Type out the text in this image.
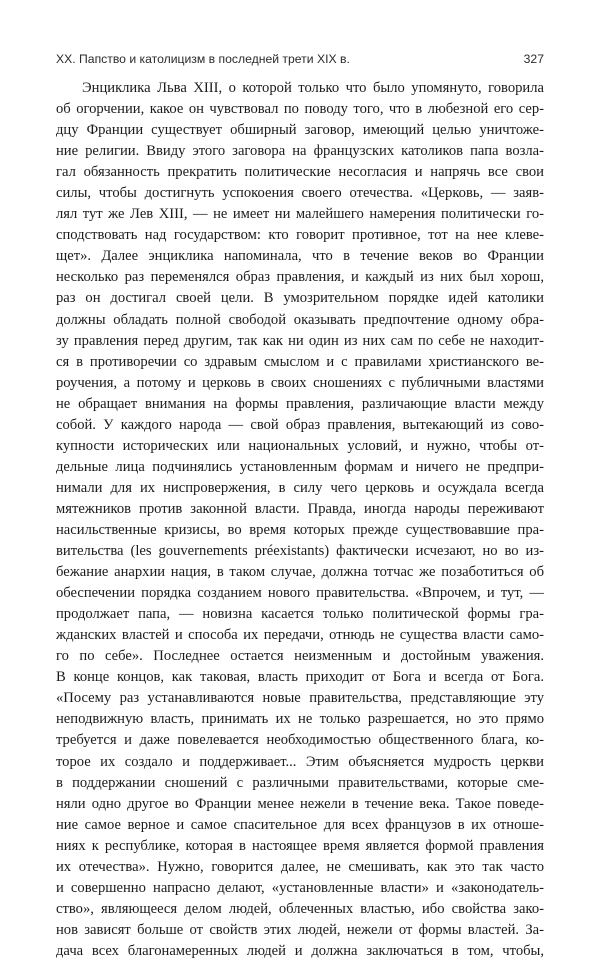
XX. Папство и католицизм в последней трети XIX в.	327
Энциклика Льва XIII, о которой только что было упомянуто, говорила
об огорчении, какое он чувствовал по поводу того, что в любезной его сер-
дцу Франции существует обширный заговор, имеющий целью уничтоже-
ние религии. Ввиду этого заговора на французских католиков папа возла-
гал обязанность прекратить политические несогласия и напрячь все свои
силы, чтобы достигнуть успокоения своего отечества. «Церковь, — заяв-
лял тут же Лев XIII, — не имеет ни малейшего намерения политически го-
сподствовать над государством: кто говорит противное, тот на нее клеве-
щет». Далее энциклика напоминала, что в течение веков во Франции
несколько раз переменялся образ правления, и каждый из них был хорош,
раз он достигал своей цели. В умозрительном порядке идей католики
должны обладать полной свободой оказывать предпочтение одному обра-
зу правления перед другим, так как ни один из них сам по себе не находит-
ся в противоречии со здравым смыслом и с правилами христианского ве-
роучения, а потому и церковь в своих сношениях с публичными властями
не обращает внимания на формы правления, различающие власти между
собой. У каждого народа — свой образ правления, вытекающий из сово-
купности исторических или национальных условий, и нужно, чтобы от-
дельные лица подчинялись установленным формам и ничего не предпри-
нимали для их ниспровержения, в силу чего церковь и осуждала всегда
мятежников против законной власти. Правда, иногда народы переживают
насильственные кризисы, во время которых прежде существовавшие пра-
вительства (les gouvernements préexistants) фактически исчезают, но во из-
бежание анархии нация, в таком случае, должна тотчас же позаботиться об
обеспечении порядка созданием нового правительства. «Впрочем, и тут, —
продолжает папа, — новизна касается только политической формы гра-
жданских властей и способа их передачи, отнюдь не существа власти само-
го по себе». Последнее остается неизменным и достойным уважения.
В конце концов, как таковая, власть приходит от Бога и всегда от Бога.
«Посему раз устанавливаются новые правительства, представляющие эту
неподвижную власть, принимать их не только разрешается, но это прямо
требуется и даже повелевается необходимостью общественного блага, ко-
торое их создало и поддерживает... Этим объясняется мудрость церкви
в поддержании сношений с различными правительствами, которые сме-
няли одно другое во Франции менее нежели в течение века. Такое поведе-
ние самое верное и самое спасительное для всех французов в их отноше-
ниях к республике, которая в настоящее время является формой правления
их отечества». Нужно, говорится далее, не смешивать, как это так часто
и совершенно напрасно делают, «установленные власти» и «законодатель-
ство», являющееся делом людей, облеченных властью, ибо свойства зако-
нов зависят больше от свойств этих людей, нежели от формы властей. За-
дача всех благонамеренных людей и должна заключаться в том, чтобы,
